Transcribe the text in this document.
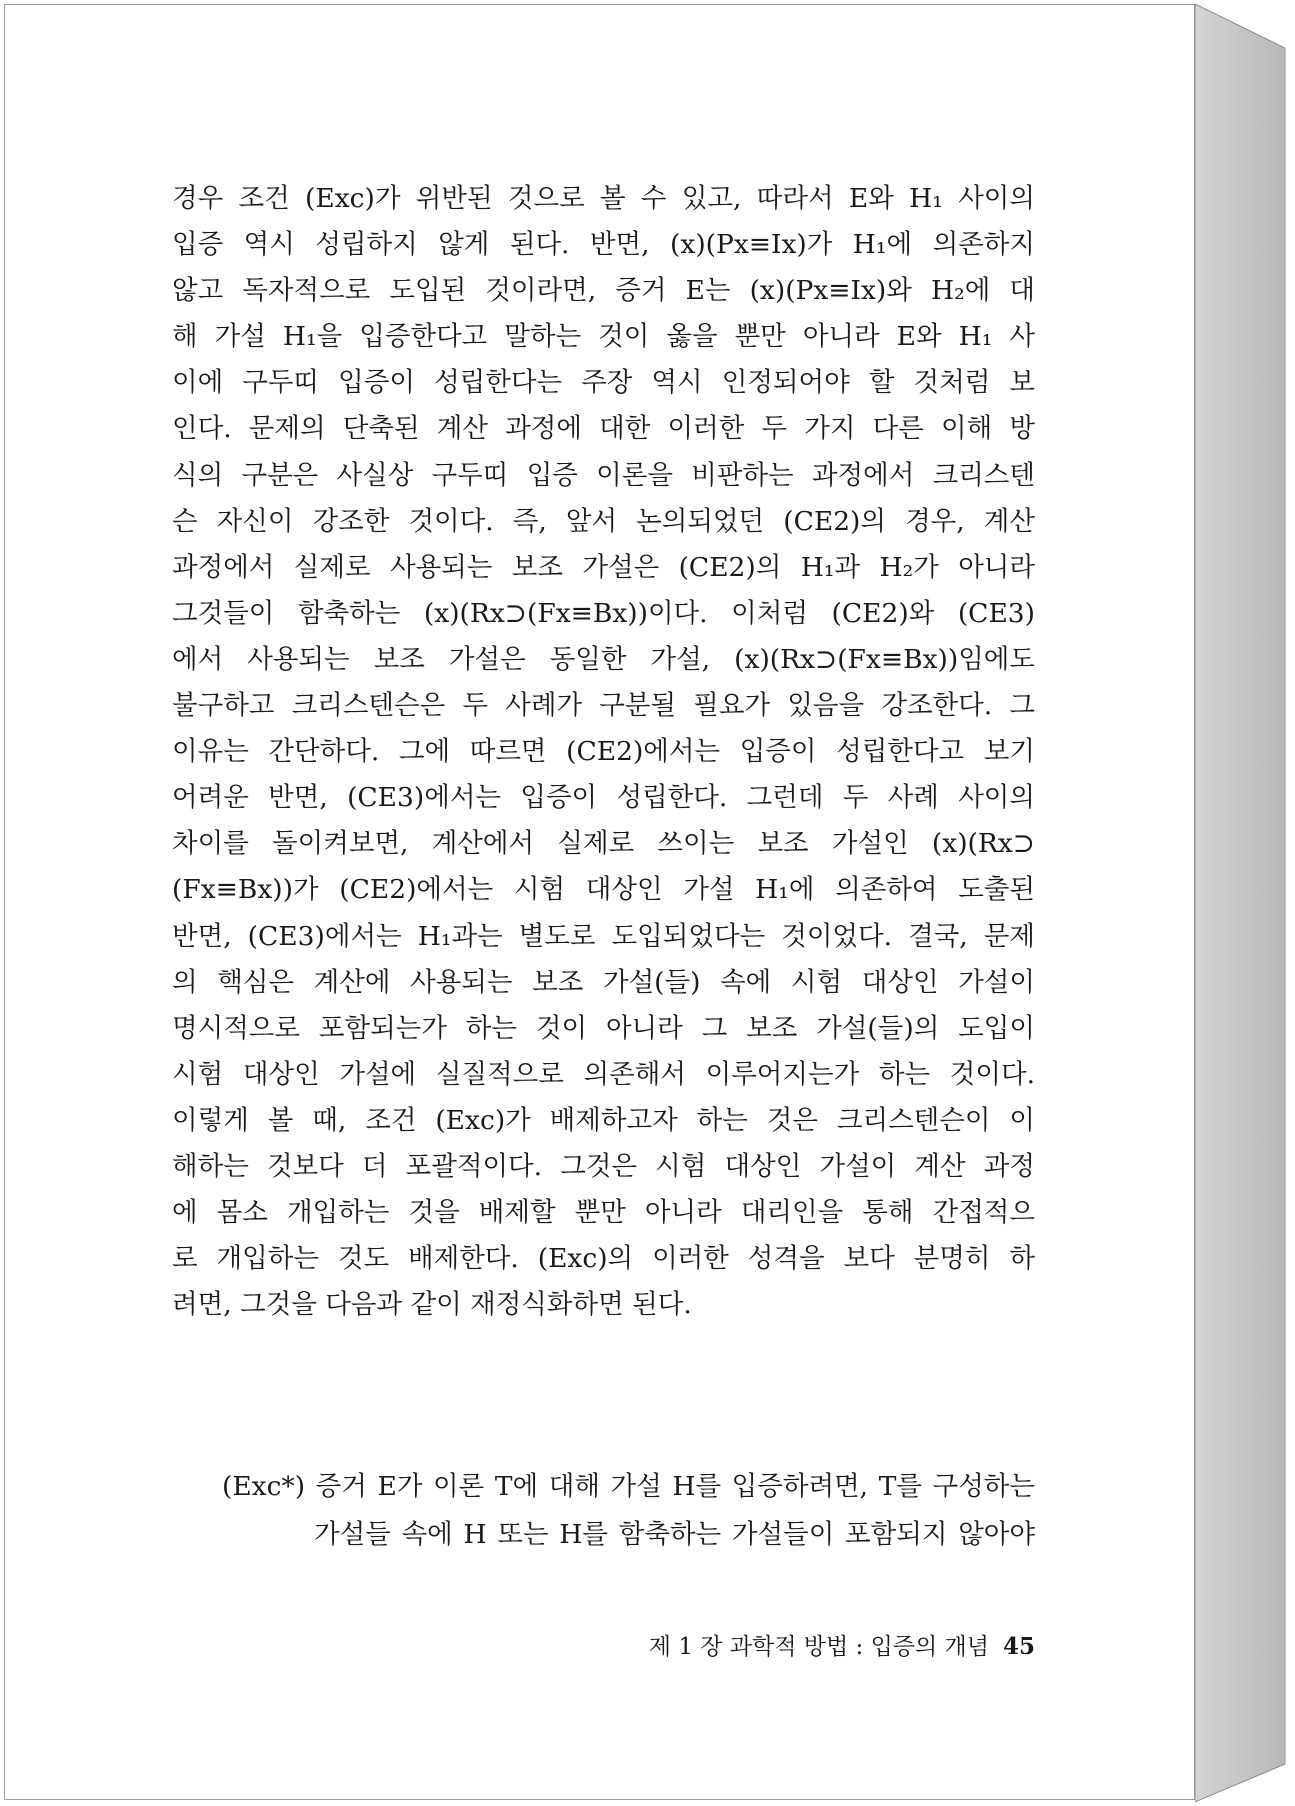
경우 조건 (Exc)가 위반된 것으로 볼 수 있고, 따라서 E와 H₁ 사이의
입증 역시 성립하지 않게 된다. 반면, (x)(Px≡Ix)가 H₁에 의존하지
않고 독자적으로 도입된 것이라면, 증거 E는 (x)(Px≡Ix)와 H₂에 대
해 가설 H₁을 입증한다고 말하는 것이 옳을 뿐만 아니라 E와 H₁ 사
이에 구두띠 입증이 성립한다는 주장 역시 인정되어야 할 것처럼 보
인다. 문제의 단축된 계산 과정에 대한 이러한 두 가지 다른 이해 방
식의 구분은 사실상 구두띠 입증 이론을 비판하는 과정에서 크리스텐
슨 자신이 강조한 것이다. 즉, 앞서 논의되었던 (CE2)의 경우, 계산
과정에서 실제로 사용되는 보조 가설은 (CE2)의 H₁과 H₂가 아니라
그것들이 함축하는 (x)(Rx⊃(Fx≡Bx))이다. 이처럼 (CE2)와 (CE3)
에서 사용되는 보조 가설은 동일한 가설, (x)(Rx⊃(Fx≡Bx))임에도
불구하고 크리스텐슨은 두 사례가 구분될 필요가 있음을 강조한다. 그
이유는 간단하다. 그에 따르면 (CE2)에서는 입증이 성립한다고 보기
어려운 반면, (CE3)에서는 입증이 성립한다. 그런데 두 사례 사이의
차이를 돌이켜보면, 계산에서 실제로 쓰이는 보조 가설인 (x)(Rx⊃
(Fx≡Bx))가 (CE2)에서는 시험 대상인 가설 H₁에 의존하여 도출된
반면, (CE3)에서는 H₁과는 별도로 도입되었다는 것이었다. 결국, 문제
의 핵심은 계산에 사용되는 보조 가설(들) 속에 시험 대상인 가설이
명시적으로 포함되는가 하는 것이 아니라 그 보조 가설(들)의 도입이
시험 대상인 가설에 실질적으로 의존해서 이루어지는가 하는 것이다.
이렇게 볼 때, 조건 (Exc)가 배제하고자 하는 것은 크리스텐슨이 이
해하는 것보다 더 포괄적이다. 그것은 시험 대상인 가설이 계산 과정
에 몸소 개입하는 것을 배제할 뿐만 아니라 대리인을 통해 간접적으
로 개입하는 것도 배제한다. (Exc)의 이러한 성격을 보다 분명히 하
려면, 그것을 다음과 같이 재정식화하면 된다.
(Exc*) 증거 E가 이론 T에 대해 가설 H를 입증하려면, T를 구성하는
가설들 속에 H 또는 H를 함축하는 가설들이 포함되지 않아야
제 1 장 과학적 방법 : 입증의 개념 45
